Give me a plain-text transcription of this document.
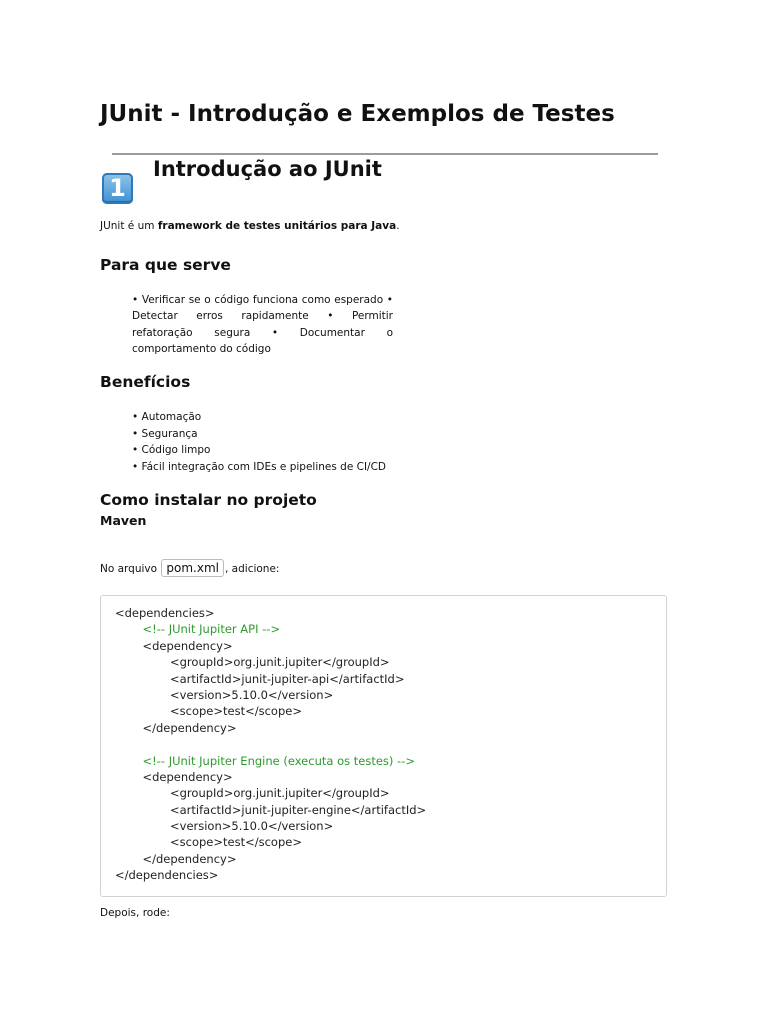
JUnit - Introdução e Exemplos de Testes
1
Introdução ao JUnit

JUnit é um framework de testes unitários para Java.

Para que serve

• Verificar se o código funciona como esperado • Detectar erros rapidamente • Permitir refatoração segura • Documentar o comportamento do código

Benefícios
• Automação
• Segurança
• Código limpo
• Fácil integração com IDEs e pipelines de CI/CD
Como instalar no projeto
Maven

No arquivo pom.xml , adicione:

<dependencies>
<!-- JUnit Jupiter API -->
<dependency>
<groupId>org.junit.jupiter</groupId>
<artifactId>junit-jupiter-api</artifactId>
<version>5.10.0</version>
<scope>test</scope>
</dependency>
<!-- JUnit Jupiter Engine (executa os testes) -->
<dependency>
<groupId>org.junit.jupiter</groupId>
<artifactId>junit-jupiter-engine</artifactId>
<version>5.10.0</version>
<scope>test</scope>
</dependency>
</dependencies>

Depois, rode:
